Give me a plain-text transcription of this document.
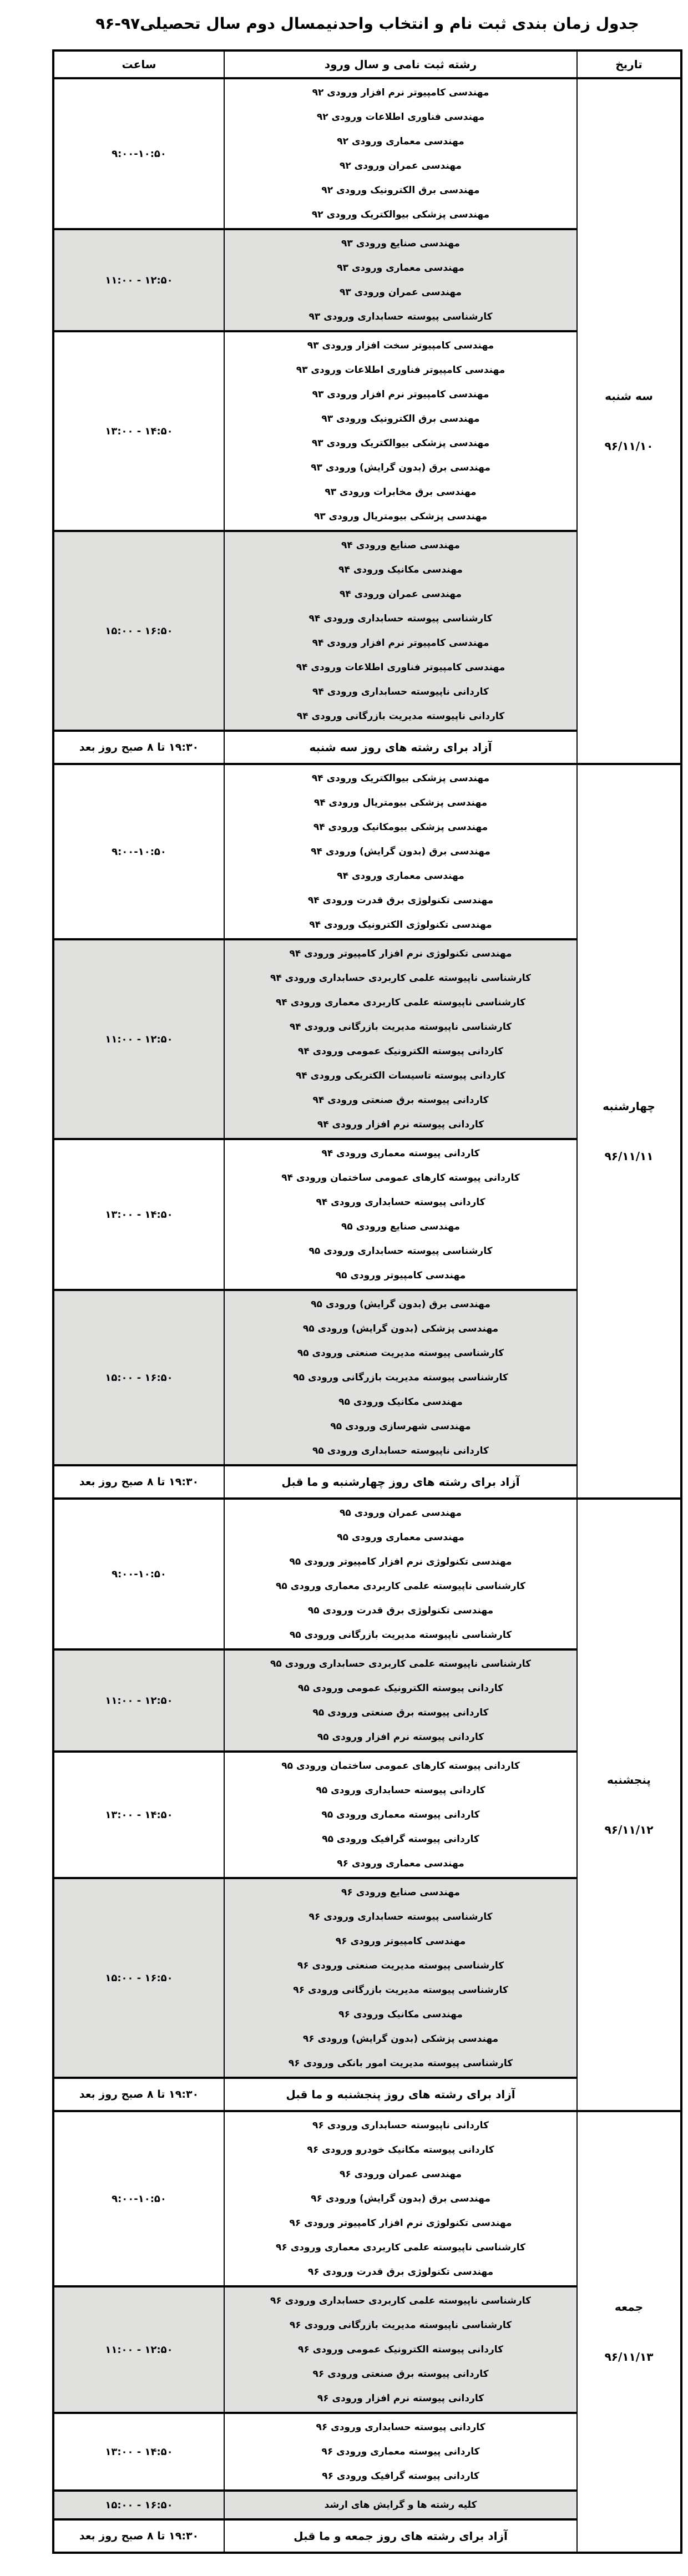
جدول زمان بندی ثبت نام و انتخاب واحدنیمسال دوم سال تحصیلی۹۷-۹۶
تاریخ
رشته ثبت نامی و سال ورود
ساعت
سه شنبه
۹۶/۱۱/۱۰
مهندسی کامپیوتر نرم افزار ورودی ۹۲
مهندسی فناوری اطلاعات ورودی ۹۲
مهندسی معماری ورودی ۹۲
مهندسی عمران ورودی ۹۲
مهندسی برق الکترونیک ورودی ۹۲
مهندسی پزشکی بیوالکتریک ورودی ۹۲
۹:۰۰-۱۰:۵۰
مهندسی صنایع ورودی ۹۳
مهندسی معماری ورودی ۹۳
مهندسی عمران ورودی ۹۳
کارشناسی پیوسته حسابداری ورودی ۹۳
۱۱:۰۰ - ۱۲:۵۰
مهندسی کامپیوتر سخت افزار ورودی ۹۳
مهندسی کامپیوتر فناوری اطلاعات ورودی ۹۳
مهندسی کامپیوتر نرم افزار ورودی ۹۳
مهندسی برق الکترونیک ورودی ۹۳
مهندسی پزشکی بیوالکتریک ورودی ۹۳
مهندسی برق (بدون گرایش) ورودی ۹۳
مهندسی برق مخابرات ورودی ۹۳
مهندسی پزشکی بیومتریال ورودی ۹۳
۱۳:۰۰ - ۱۴:۵۰
مهندسی صنایع ورودی ۹۴
مهندسی مکانیک ورودی ۹۴
مهندسی عمران ورودی ۹۴
کارشناسی پیوسته حسابداری ورودی ۹۴
مهندسی کامپیوتر نرم افزار ورودی ۹۴
مهندسی کامپیوتر فناوری اطلاعات ورودی ۹۴
کاردانی ناپیوسته حسابداری ورودی ۹۴
کاردانی ناپیوسته مدیریت بازرگانی ورودی ۹۴
۱۵:۰۰ - ۱۶:۵۰
آزاد برای رشته های روز سه شنبه
۱۹:۳۰ تا ۸ صبح روز بعد
چهارشنبه
۹۶/۱۱/۱۱
مهندسی پزشکی بیوالکتریک ورودی ۹۴
مهندسی پزشکی بیومتریال ورودی ۹۴
مهندسی پزشکی بیومکانیک ورودی ۹۴
مهندسی برق (بدون گرایش) ورودی ۹۴
مهندسی معماری ورودی ۹۴
مهندسی تکنولوژی برق قدرت ورودی ۹۴
مهندسی تکنولوژی الکترونیک ورودی ۹۴
۹:۰۰-۱۰:۵۰
مهندسی تکنولوژی نرم افزار کامپیوتر ورودی ۹۴
کارشناسی ناپیوسته علمی کاربردی حسابداری ورودی ۹۴
کارشناسی ناپیوسته علمی کاربردی معماری ورودی ۹۴
کارشناسی ناپیوسته مدیریت بازرگانی ورودی ۹۴
کاردانی پیوسته الکترونیک عمومی ورودی ۹۴
کاردانی پیوسته تاسیسات الکتریکی ورودی ۹۴
کاردانی پیوسته برق صنعتی ورودی ۹۴
کاردانی پیوسته نرم افزار ورودی ۹۴
۱۱:۰۰ - ۱۲:۵۰
کاردانی پیوسته معماری ورودی ۹۴
کاردانی پیوسته کارهای عمومی ساختمان ورودی ۹۴
کاردانی پیوسته حسابداری ورودی ۹۴
مهندسی صنایع ورودی ۹۵
کارشناسی پیوسته حسابداری ورودی ۹۵
مهندسی کامپیوتر ورودی ۹۵
۱۳:۰۰ - ۱۴:۵۰
مهندسی برق (بدون گرایش) ورودی ۹۵
مهندسی پزشکی (بدون گرایش) ورودی ۹۵
کارشناسی پیوسته مدیریت صنعتی ورودی ۹۵
کارشناسی پیوسته مدیریت بازرگانی ورودی ۹۵
مهندسی مکانیک ورودی ۹۵
مهندسی شهرسازی ورودی ۹۵
کاردانی ناپیوسته حسابداری ورودی ۹۵
۱۵:۰۰ - ۱۶:۵۰
آزاد برای رشته های روز چهارشنبه و ما قبل
۱۹:۳۰ تا ۸ صبح روز بعد
پنجشنبه
۹۶/۱۱/۱۲
مهندسی عمران ورودی ۹۵
مهندسی معماری ورودی ۹۵
مهندسی تکنولوژی نرم افزار کامپیوتر ورودی ۹۵
کارشناسی ناپیوسته علمی کاربردی معماری ورودی ۹۵
مهندسی تکنولوژی برق قدرت ورودی ۹۵
کارشناسی ناپیوسته مدیریت بازرگانی ورودی ۹۵
۹:۰۰-۱۰:۵۰
کارشناسی ناپیوسته علمی کاربردی حسابداری ورودی ۹۵
کاردانی پیوسته الکترونیک عمومی ورودی ۹۵
کاردانی پیوسته برق صنعتی ورودی ۹۵
کاردانی پیوسته نرم افزار ورودی ۹۵
۱۱:۰۰ - ۱۲:۵۰
کاردانی پیوسته کارهای عمومی ساختمان ورودی ۹۵
کاردانی پیوسته حسابداری ورودی ۹۵
کاردانی پیوسته معماری ورودی ۹۵
کاردانی پیوسته گرافیک ورودی ۹۵
مهندسی معماری ورودی ۹۶
۱۳:۰۰ - ۱۴:۵۰
مهندسی صنایع ورودی ۹۶
کارشناسی پیوسته حسابداری ورودی ۹۶
مهندسی کامپیوتر ورودی ۹۶
کارشناسی پیوسته مدیریت صنعتی ورودی ۹۶
کارشناسی پیوسته مدیریت بازرگانی ورودی ۹۶
مهندسی مکانیک ورودی ۹۶
مهندسی پزشکی (بدون گرایش) ورودی ۹۶
کارشناسی پیوسته مدیریت امور بانکی ورودی ۹۶
۱۵:۰۰ - ۱۶:۵۰
آزاد برای رشته های روز پنجشنبه و ما قبل
۱۹:۳۰ تا ۸ صبح روز بعد
جمعه
۹۶/۱۱/۱۳
کاردانی ناپیوسته حسابداری ورودی ۹۶
کاردانی پیوسته مکانیک خودرو ورودی ۹۶
مهندسی عمران ورودی ۹۶
مهندسی برق (بدون گرایش) ورودی ۹۶
مهندسی تکنولوژی نرم افزار کامپیوتر ورودی ۹۶
کارشناسی ناپیوسته علمی کاربردی معماری ورودی ۹۶
مهندسی تکنولوژی برق قدرت ورودی ۹۶
۹:۰۰-۱۰:۵۰
کارشناسی ناپیوسته علمی کاربردی حسابداری ورودی ۹۶
کارشناسی ناپیوسته مدیریت بازرگانی ورودی ۹۶
کاردانی پیوسته الکترونیک عمومی ورودی ۹۶
کاردانی پیوسته برق صنعتی ورودی ۹۶
کاردانی پیوسته نرم افزار ورودی ۹۶
۱۱:۰۰ - ۱۲:۵۰
کاردانی پیوسته حسابداری ورودی ۹۶
کاردانی پیوسته معماری ورودی ۹۶
کاردانی پیوسته گرافیک ورودی ۹۶
۱۳:۰۰ - ۱۴:۵۰
کلیه رشته ها و گرایش های ارشد
۱۵:۰۰ - ۱۶:۵۰
آزاد برای رشته های روز جمعه و ما قبل
۱۹:۳۰ تا ۸ صبح روز بعد
